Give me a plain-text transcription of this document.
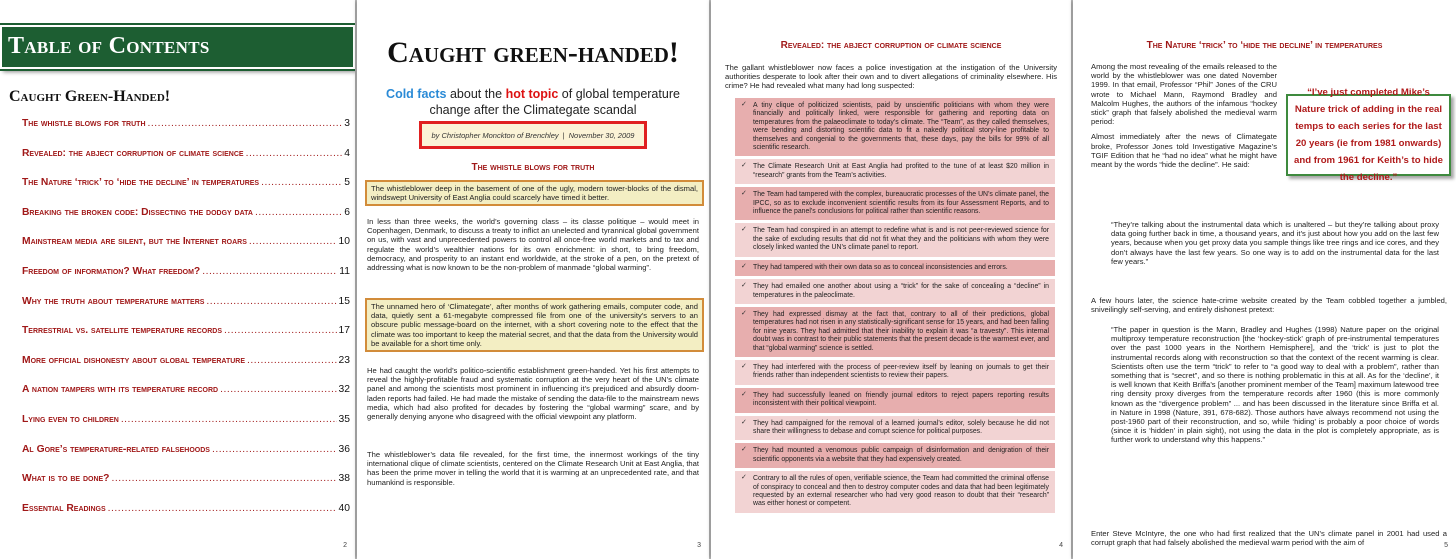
Table of Contents
Caught Green-Handed!
The whistle blows for truth .....	3
Revealed: the abject corruption of climate science .....	4
The Nature ‘trick’ to ‘hide the decline’ in temperatures .....	5
Breaking the broken code: Dissecting the dodgy data .....	6
Mainstream media are silent, but the Internet roars .....	10
Freedom of information? What freedom? .....	11
Why the truth about temperature matters .....	15
Terrestrial vs. satellite temperature records .....	17
More official dishonesty about global temperature .....	23
A nation tampers with its temperature record .....	32
Lying even to children .....	35
Al Gore’s temperature-related falsehoods .....	36
What is to be done? .....	38
Essential Readings .....	40
2
Caught green-handed!
Cold facts about the hot topic of global temperature change after the Climategate scandal
by Christopher Monckton of Brenchley | November 30, 2009
The whistle blows for truth
The whistleblower deep in the basement of one of the ugly, modern tower-blocks of the dismal, windswept University of East Anglia could scarcely have timed it better.
In less than three weeks, the world’s governing class – its classe politique – would meet in Copenhagen, Denmark, to discuss a treaty to inflict an unelected and tyrannical global government on us, with vast and unprecedented powers to control all once-free world markets and to tax and regulate the world’s wealthier nations for its own enrichment: in short, to bring freedom, democracy, and prosperity to an instant end worldwide, at the stroke of a pen, on the pretext of addressing what is now known to be the non-problem of manmade “global warming”.
The unnamed hero of ‘Climategate’, after months of work gathering emails, computer code, and data, quietly sent a 61-megabyte compressed file from one of the university’s servers to an obscure public message-board on the internet, with a short covering note to the effect that the climate was too important to keep the material secret, and that the data from the University would be available for a short time only.
He had caught the world’s politico-scientific establishment green-handed. Yet his first attempts to reveal the highly-profitable fraud and systematic corruption at the very heart of the UN’s climate panel and among the scientists most prominent in influencing it’s prejudiced and absurdly doom-laden reports had failed. He had made the mistake of sending the data-file to the mainstream news media, which had also profited for decades by fostering the “global warming” scare, and by generally denying anyone who disagreed with the official viewpoint any platform.
The whistleblower’s data file revealed, for the first time, the innermost workings of the tiny international clique of climate scientists, centered on the Climate Research Unit at East Anglia, that has been the prime mover in telling the world that it is warming at an unprecedented rate, and that humankind is responsible.
3
Revealed: the abject corruption of climate science
The gallant whistleblower now faces a police investigation at the instigation of the University authorities desperate to look after their own and to divert allegations of criminality elsewhere. His crime? He had revealed what many had long suspected:
✓ A tiny clique of politicized scientists, paid by unscientific politicians with whom they were financially and politically linked, were responsible for gathering and reporting data on temperatures from the palaeoclimate to today’s climate. The “Team”, as they called themselves, were bending and distorting scientific data to fit a nakedly political story-line profitable to themselves and congenial to the governments that, these days, pay the bills for 99% of all scientific research.
✓ The Climate Research Unit at East Anglia had profited to the tune of at least $20 million in “research” grants from the Team’s activities.
✓ The Team had tampered with the complex, bureaucratic processes of the UN’s climate panel, the IPCC, so as to exclude inconvenient scientific results from its four Assessment Reports, and to influence the panel’s conclusions for political rather than scientific reasons.
✓ The Team had conspired in an attempt to redefine what is and is not peer-reviewed science for the sake of excluding results that did not fit what they and the politicians with whom they were closely linked wanted the UN’s climate panel to report.
✓ They had tampered with their own data so as to conceal inconsistencies and errors.
✓ They had emailed one another about using a “trick” for the sake of concealing a “decline” in temperatures in the paleoclimate.
✓ They had expressed dismay at the fact that, contrary to all of their predictions, global temperatures had not risen in any statistically-significant sense for 15 years, and had been falling for nine years. They had admitted that their inability to explain it was “a travesty”. This internal doubt was in contrast to their public statements that the present decade is the warmest ever, and that “global warming” science is settled.
✓ They had interfered with the process of peer-review itself by leaning on journals to get their friends rather than independent scientists to review their papers.
✓ They had successfully leaned on friendly journal editors to reject papers reporting results inconsistent with their political viewpoint.
✓ They had campaigned for the removal of a learned journal’s editor, solely because he did not share their willingness to debase and corrupt science for political purposes.
✓ They had mounted a venomous public campaign of disinformation and denigration of their scientific opponents via a website that they had expensively created.
✓ Contrary to all the rules of open, verifiable science, the Team had committed the criminal offense of conspiracy to conceal and then to destroy computer codes and data that had been legitimately requested by an external researcher who had very good reason to doubt that their “research” was either honest or competent.
4
The Nature ‘trick’ to ‘hide the decline’ in temperatures
Among the most revealing of the emails released to the world by the whistleblower was one dated November 1999. In that email, Professor “Phil” Jones of the CRU wrote to Michael Mann, Raymond Bradley and Malcolm Hughes, the authors of the infamous “hockey stick” graph that falsely abolished the medieval warm period:
Almost immediately after the news of Climategate broke, Professor Jones told Investigative Magazine’s TGIF Edition that he “had no idea” what he might have meant by the words “hide the decline”. He said:
“I’ve just completed Mike’s Nature trick of adding in the real temps to each series for the last 20 years (ie from 1981 onwards) and from 1961 for Keith’s to hide the decline.”
“They’re talking about the instrumental data which is unaltered – but they’re talking about proxy data going further back in time, a thousand years, and it’s just about how you add on the last few years, because when you get proxy data you sample things like tree rings and ice cores, and they don’t always have the last few years. So one way is to add on the instrumental data for the last few years.”
A few hours later, the science hate-crime website created by the Team cobbled together a jumbled, sniveilingly self-serving, and entirely dishonest pretext:
“The paper in question is the Mann, Bradley and Hughes (1998) Nature paper on the original multiproxy temperature reconstruction [the ‘hockey-stick’ graph of pre-instrumental temperatures over the past 1000 years in the Northern Hemisphere], and the ‘trick’ is just to plot the instrumental records along with reconstruction so that the context of the recent warming is clear. Scientists often use the term “trick” to refer to “a good way to deal with a problem”, rather than something that is “secret”, and so there is nothing problematic in this at all. As for the ‘decline’, it is well known that Keith Briffa’s [another prominent member of the Team] maximum latewood tree ring density proxy diverges from the temperature records after 1960 (this is more commonly known as the “divergence problem” ... and has been discussed in the literature since Briffa et al. in Nature in 1998 (Nature, 391, 678-682). Those authors have always recommend not using the post-1960 part of their reconstruction, and so, while ‘hiding’ is probably a poor choice of words (since it is ‘hidden’ in plain sight), not using the data in the plot is completely appropriate, as is further work to understand why this happens.”
Enter Steve McIntyre, the one who had first realized that the UN’s climate panel in 2001 had used a corrupt graph that had falsely abolished the medieval warm period with the aim of	5
